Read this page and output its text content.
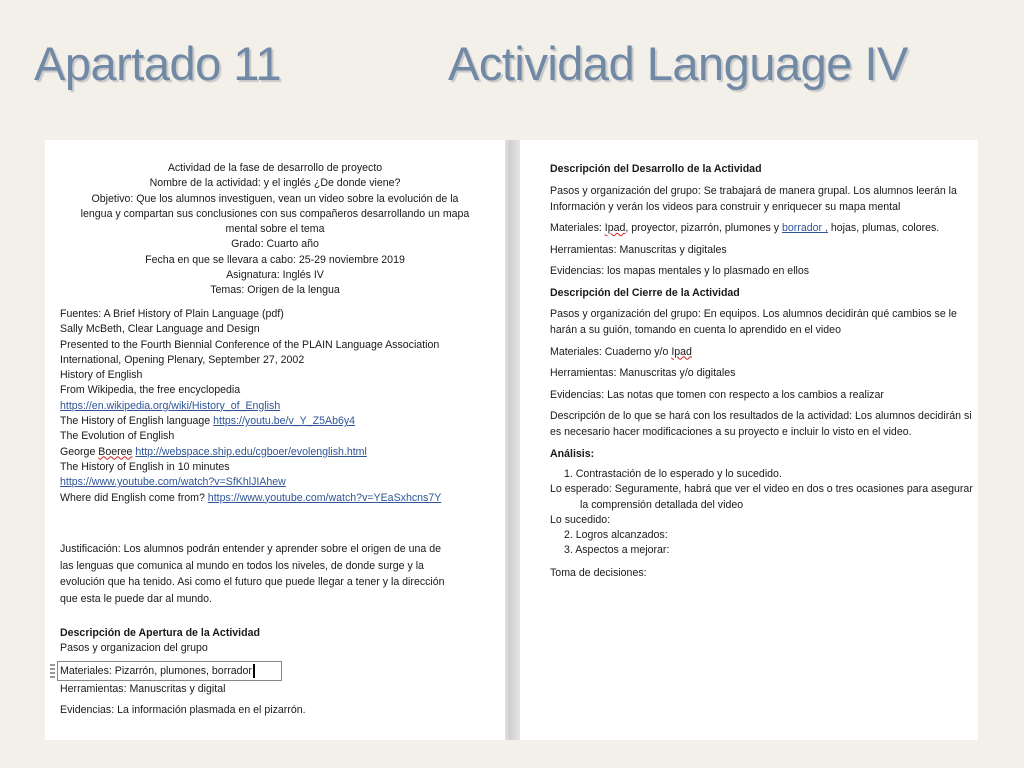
Apartado 11	Actividad Language IV
Actividad de la fase de desarrollo de proyecto
Nombre de la actividad: y el inglés ¿De donde viene?
Objetivo: Que los alumnos investiguen, vean un video sobre la evolución de la
lengua y compartan sus conclusiones con sus compañeros desarrollando un mapa
mental sobre el tema
Grado: Cuarto año
Fecha en que se llevara a cabo: 25-29 noviembre 2019
Asignatura: Inglés IV
Temas: Origen de la lengua
Fuentes: A Brief History of Plain Language (pdf)
Sally McBeth, Clear Language and Design
Presented to the Fourth Biennial Conference of the PLAIN Language Association
International, Opening Plenary, September 27, 2002
History of English
From Wikipedia, the free encyclopedia
https://en.wikipedia.org/wiki/History_of_English
The History of English language https://youtu.be/v_Y_Z5Ab6y4
The Evolution of English
George Boeree http://webspace.ship.edu/cgboer/evolenglish.html
The History of English in 10 minutes
https://www.youtube.com/watch?v=SfKhlJIAhew
Where did English come from? https://www.youtube.com/watch?v=YEaSxhcns7Y
Justificación: Los alumnos podrán entender y aprender sobre el origen de una de
las lenguas que comunica al mundo en todos los niveles, de donde surge y la
evolución que ha tenido. Asi como el futuro que puede llegar a tener y la dirección
que esta le puede dar al mundo.
Descripción de Apertura de la Actividad
Pasos y organizacion del grupo
Materiales: Pizarrón, plumones, borrador
Herramientas: Manuscritas y digital
Evidencias: La información plasmada en el pizarrón.
Descripción del Desarrollo de la Actividad
Pasos y organización del grupo: Se trabajará de manera grupal. Los alumnos leerán la Información y verán los videos para construir y enriquecer su mapa mental
Materiales: Ipad, proyector, pizarrón, plumones y borrador , hojas, plumas, colores.
Herramientas: Manuscritas y digitales
Evidencias: los mapas mentales y lo plasmado en ellos
Descripción del Cierre de la Actividad
Pasos y organización del grupo: En equipos. Los alumnos decidirán qué cambios se le harán a su guión, tomando en cuenta lo aprendido en el video
Materiales: Cuaderno y/o Ipad
Herramientas: Manuscritas y/o digitales
Evidencias: Las notas que tomen con respecto a los cambios a realizar
Descripción de lo que se hará con los resultados de la actividad: Los alumnos decidirán si es necesario hacer modificaciones a su proyecto e incluir lo visto en el video.
Análisis:
1. Contrastación de lo esperado y lo sucedido.
Lo esperado: Seguramente, habrá que ver el video en dos o tres ocasiones para asegurar la comprensión detallada del video
Lo sucedido:
2. Logros alcanzados:
3. Aspectos a mejorar:
Toma de decisiones:
